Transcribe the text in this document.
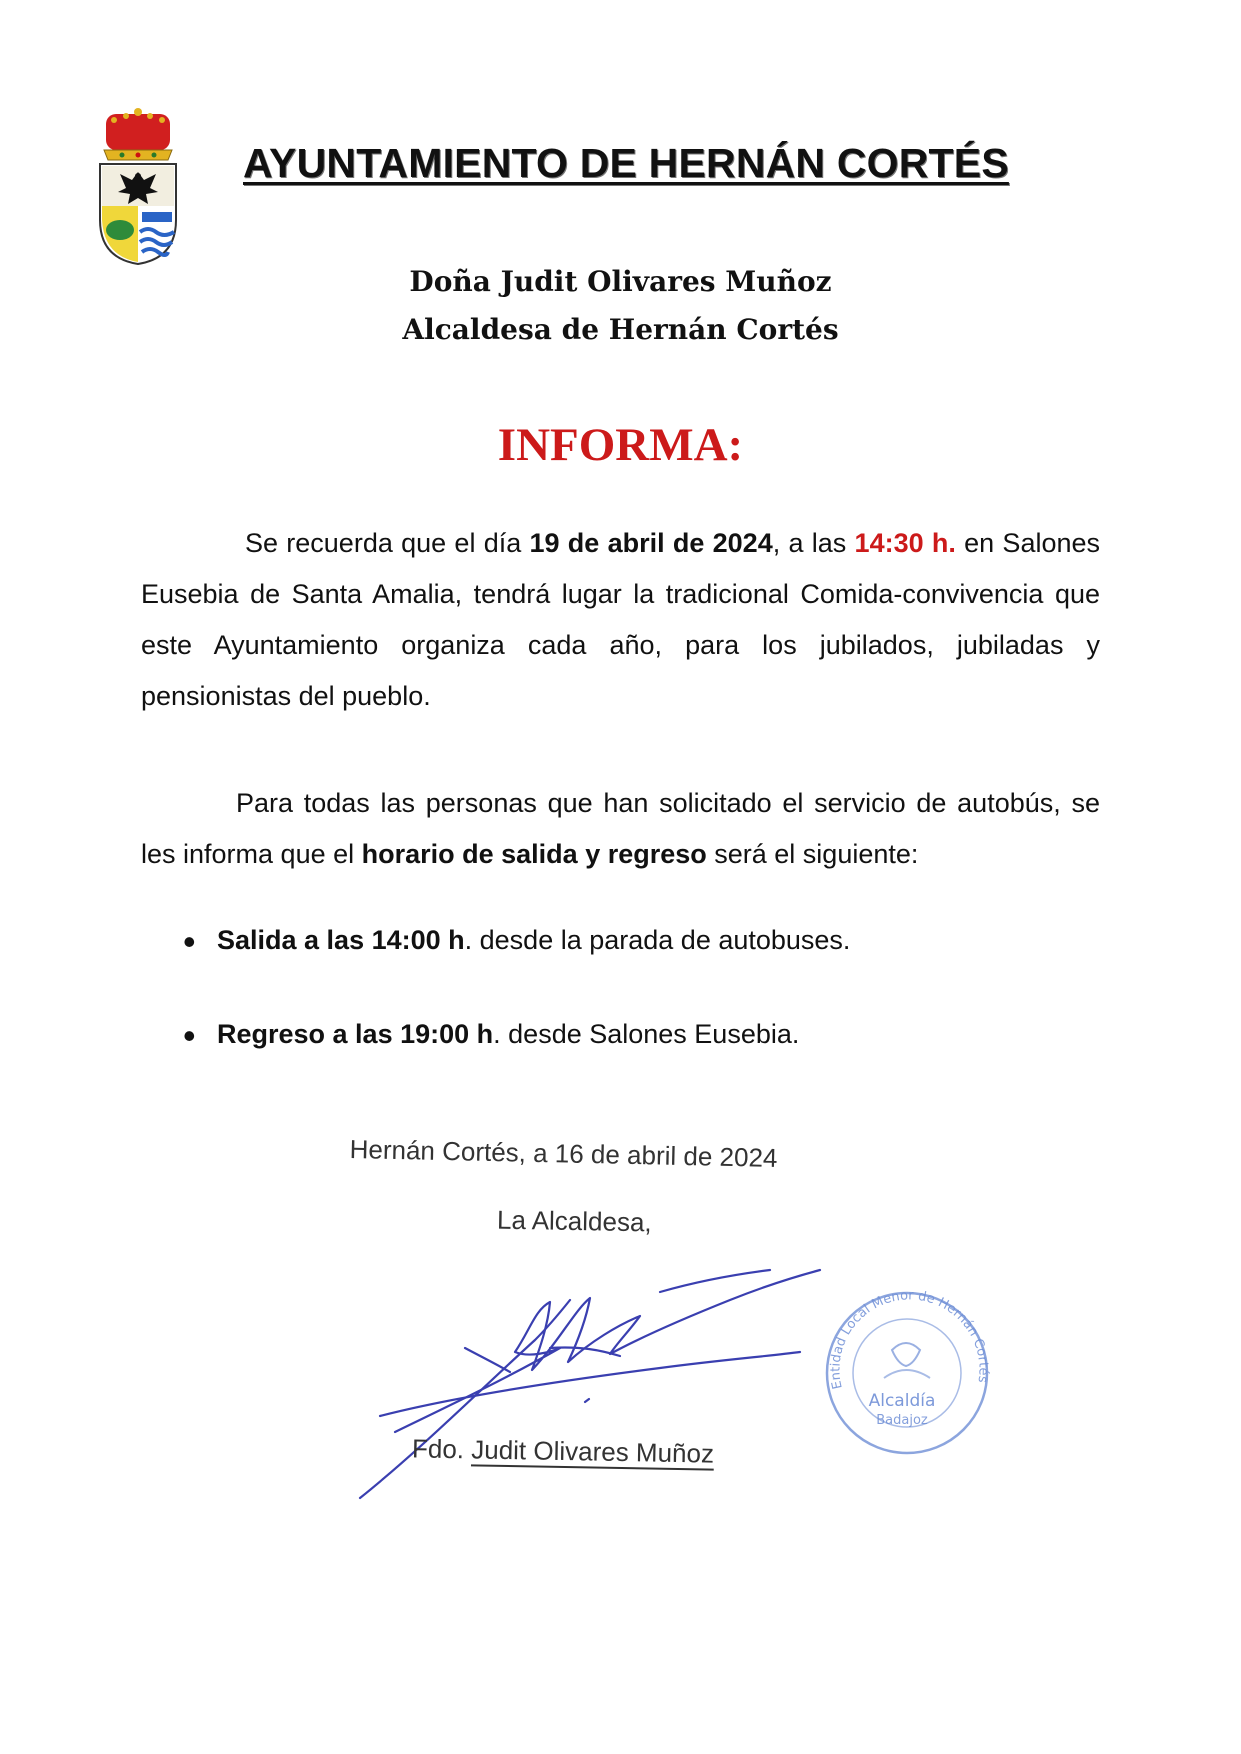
AYUNTAMIENTO DE HERNÁN CORTÉS
Doña Judit Olivares Muñoz
Alcaldesa de Hernán Cortés
INFORMA:
Se recuerda que el día 19 de abril de 2024, a las 14:30 h. en Salones Eusebia de Santa Amalia, tendrá lugar la tradicional Comida-convivencia que este Ayuntamiento organiza cada año, para los jubilados, jubiladas y pensionistas del pueblo.
Para todas las personas que han solicitado el servicio de autobús, se les informa que el horario de salida y regreso será el siguiente:
• Salida a las 14:00 h. desde la parada de autobuses.
• Regreso a las 19:00 h. desde Salones Eusebia.
Hernán Cortés, a 16 de abril de 2024
La Alcaldesa,
Entidad Local Menor de Hernán Cortés
Alcaldía
Badajoz
Fdo. Judit Olivares Muñoz
